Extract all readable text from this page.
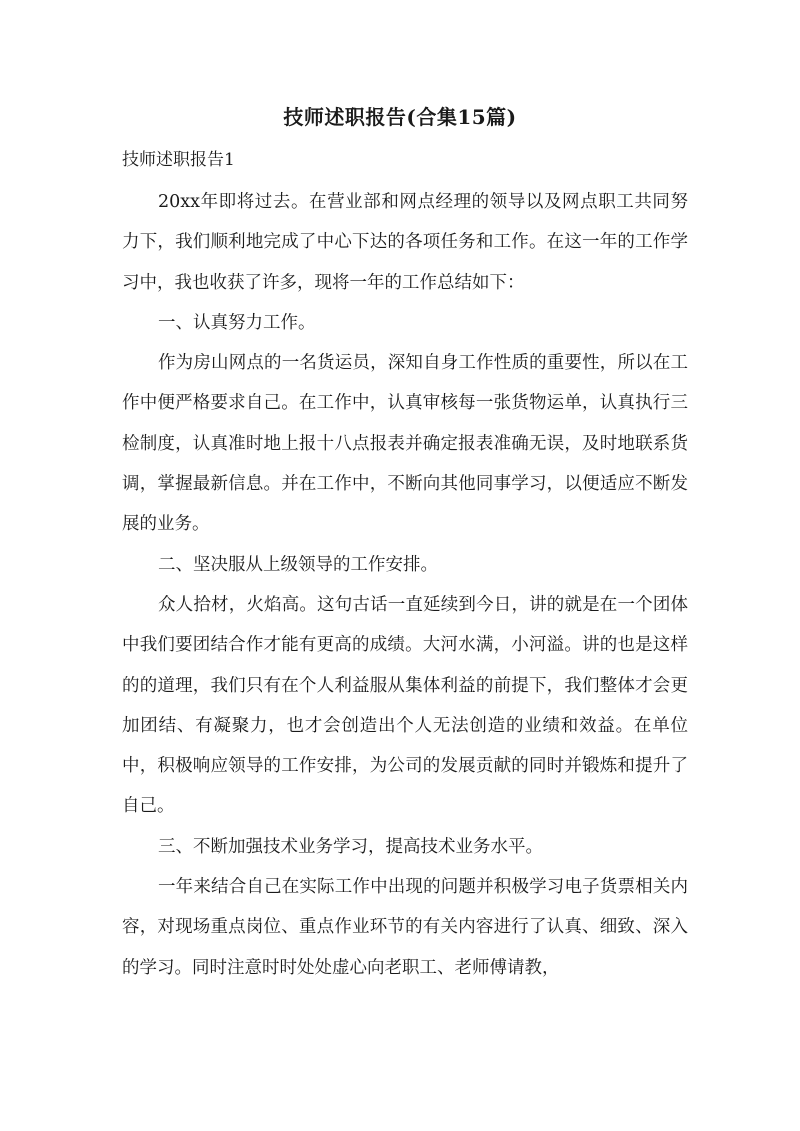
技师述职报告(合集15篇)
技师述职报告1

20xx年即将过去。在营业部和网点经理的领导以及网点职工共同努力下，我们顺利地完成了中心下达的各项任务和工作。在这一年的工作学习中，我也收获了许多，现将一年的工作总结如下：

一、认真努力工作。

作为房山网点的一名货运员，深知自身工作性质的重要性，所以在工作中便严格要求自己。在工作中，认真审核每一张货物运单，认真执行三检制度，认真准时地上报十八点报表并确定报表准确无误，及时地联系货调，掌握最新信息。并在工作中，不断向其他同事学习，以便适应不断发展的业务。

二、坚决服从上级领导的工作安排。

众人拾材，火焰高。这句古话一直延续到今日，讲的就是在一个团体中我们要团结合作才能有更高的成绩。大河水满，小河溢。讲的也是这样的的道理，我们只有在个人利益服从集体利益的前提下，我们整体才会更加团结、有凝聚力，也才会创造出个人无法创造的业绩和效益。在单位中，积极响应领导的工作安排，为公司的发展贡献的同时并锻炼和提升了自己。

三、不断加强技术业务学习，提高技术业务水平。

一年来结合自己在实际工作中出现的问题并积极学习电子货票相关内容，对现场重点岗位、重点作业环节的有关内容进行了认真、细致、深入的学习。同时注意时时处处虚心向老职工、老师傅请教，
